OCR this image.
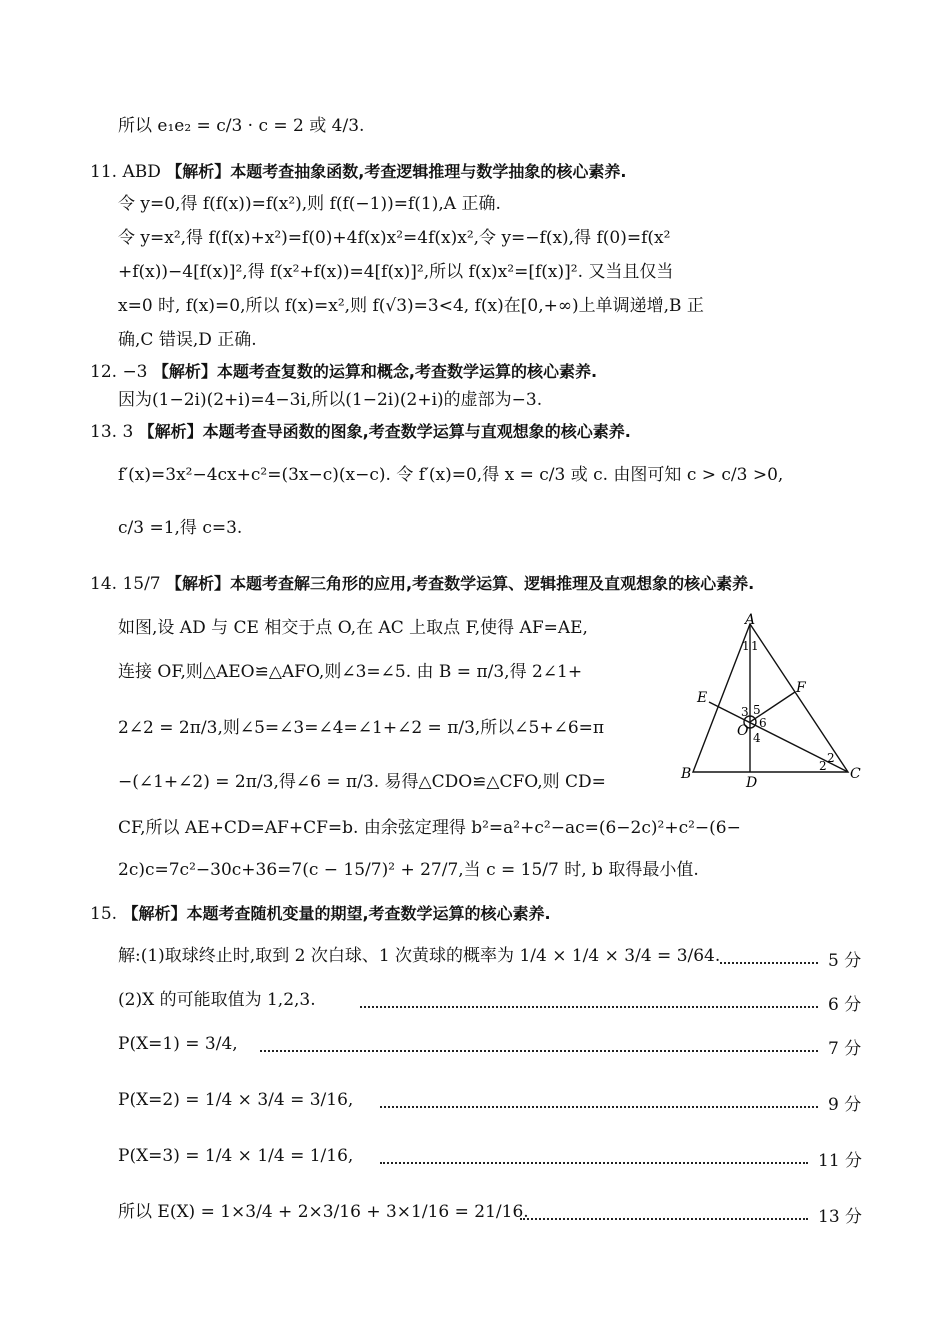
所以 e₁e₂ = c/3 · c = 2 或 4/3.
11. ABD 【解析】本题考查抽象函数,考查逻辑推理与数学抽象的核心素养.
令 y=0,得 f(f(x))=f(x²),则 f(f(−1))=f(1),A 正确.
令 y=x²,得 f(f(x)+x²)=f(0)+4f(x)x²=4f(x)x²,令 y=−f(x),得 f(0)=f(x²
+f(x))−4[f(x)]²,得 f(x²+f(x))=4[f(x)]²,所以 f(x)x²=[f(x)]². 又当且仅当
x=0 时, f(x)=0,所以 f(x)=x²,则 f(√3)=3<4, f(x)在[0,+∞)上单调递增,B 正
确,C 错误,D 正确.
12. −3 【解析】本题考查复数的运算和概念,考查数学运算的核心素养.
因为(1−2i)(2+i)=4−3i,所以(1−2i)(2+i)的虚部为−3.
13. 3 【解析】本题考查导函数的图象,考查数学运算与直观想象的核心素养.
f′(x)=3x²−4cx+c²=(3x−c)(x−c). 令 f′(x)=0,得 x = c/3 或 c. 由图可知 c > c/3 >0,
c/3 =1,得 c=3.
14. 15/7 【解析】本题考查解三角形的应用,考查数学运算、逻辑推理及直观想象的核心素养.
如图,设 AD 与 CE 相交于点 O,在 AC 上取点 F,使得 AF=AE,
连接 OF,则△AEO≌△AFO,则∠3=∠5. 由 B = π/3,得 2∠1+
2∠2 = 2π/3,则∠5=∠3=∠4=∠1+∠2 = π/3,所以∠5+∠6=π
−(∠1+∠2) = 2π/3,得∠6 = π/3. 易得△CDO≌△CFO,则 CD=
CF,所以 AE+CD=AF+CF=b. 由余弦定理得 b²=a²+c²−ac=(6−2c)²+c²−(6−
2c)c=7c²−30c+36=7(c − 15/7)² + 27/7,当 c = 15/7 时, b 取得最小值.
A
B	C
D
E
F
O
1 1
2
2
3
4
5
6
15. 【解析】本题考查随机变量的期望,考查数学运算的核心素养.
解:(1)取球终止时,取到 2 次白球、1 次黄球的概率为 1/4 × 1/4 × 3/4 = 3/64.	5 分
(2)X 的可能取值为 1,2,3.	6 分
P(X=1) = 3/4,	7 分
P(X=2) = 1/4 × 3/4 = 3/16,	9 分
P(X=3) = 1/4 × 1/4 = 1/16,	11 分
所以 E(X) = 1×3/4 + 2×3/16 + 3×1/16 = 21/16.	13 分
